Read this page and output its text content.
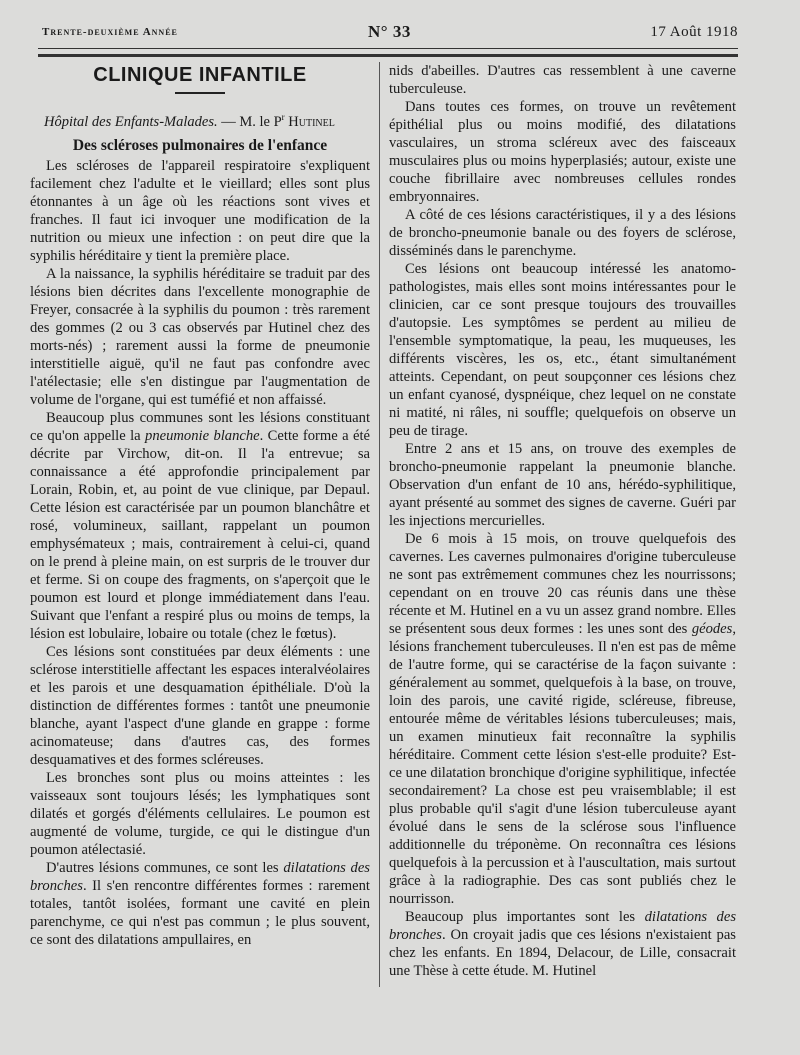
Trente-deuxième Année	N° 33	17 Août 1918
CLINIQUE INFANTILE
Hôpital des Enfants-Malades. — M. le $P^r$ Hutinel
Des scléroses pulmonaires de l'enfance

Les scléroses de l'appareil respiratoire s'expliquent facilement chez l'adulte et le vieillard; elles sont plus étonnantes à un âge où les réactions sont vives et franches. Il faut ici invoquer une modification de la nutrition ou mieux une infection : on peut dire que la syphilis héréditaire y tient la première place.

A la naissance, la syphilis héréditaire se traduit par des lésions bien décrites dans l'excellente monographie de Freyer, consacrée à la syphilis du poumon : très rarement des gommes (2 ou 3 cas observés par Hutinel chez des morts-nés) ; rarement aussi la forme de pneumonie interstitielle aiguë, qu'il ne faut pas confondre avec l'atélectasie; elle s'en distingue par l'augmentation de volume de l'organe, qui est tuméfié et non affaissé.

Beaucoup plus communes sont les lésions constituant ce qu'on appelle la pneumonie blanche. Cette forme a été décrite par Virchow, dit-on. Il l'a entrevue; sa connaissance a été approfondie principalement par Lorain, Robin, et, au point de vue clinique, par Depaul. Cette lésion est caractérisée par un poumon blanchâtre et rosé, volumineux, saillant, rappelant un poumon emphysémateux ; mais, contrairement à celui-ci, quand on le prend à pleine main, on est surpris de le trouver dur et ferme. Si on coupe des fragments, on s'aperçoit que le poumon est lourd et plonge immédiatement dans l'eau. Suivant que l'enfant a respiré plus ou moins de temps, la lésion est lobulaire, lobaire ou totale (chez le fœtus).

Ces lésions sont constituées par deux éléments : une sclérose interstitielle affectant les espaces interalvéolaires et les parois et une desquamation épithéliale. D'où la distinction de différentes formes : tantôt une pneumonie blanche, ayant l'aspect d'une glande en grappe : forme acinomateuse; dans d'autres cas, des formes desquamatives et des formes scléreuses.

Les bronches sont plus ou moins atteintes : les vaisseaux sont toujours lésés; les lymphatiques sont dilatés et gorgés d'éléments cellulaires. Le poumon est augmenté de volume, turgide, ce qui le distingue d'un poumon atélectasié.

D'autres lésions communes, ce sont les dilatations des bronches. Il s'en rencontre différentes formes : rarement totales, tantôt isolées, formant une cavité en plein parenchyme, ce qui n'est pas commun ; le plus souvent, ce sont des dilatations ampullaires, en

nids d'abeilles. D'autres cas ressemblent à une caverne tuberculeuse.

Dans toutes ces formes, on trouve un revêtement épithélial plus ou moins modifié, des dilatations vasculaires, un stroma scléreux avec des faisceaux musculaires plus ou moins hyperplasiés; autour, existe une couche fibrillaire avec nombreuses cellules rondes embryonnaires.

A côté de ces lésions caractéristiques, il y a des lésions de broncho-pneumonie banale ou des foyers de sclérose, disséminés dans le parenchyme.

Ces lésions ont beaucoup intéressé les anatomo-pathologistes, mais elles sont moins intéressantes pour le clinicien, car ce sont presque toujours des trouvailles d'autopsie. Les symptômes se perdent au milieu de l'ensemble symptomatique, la peau, les muqueuses, les différents viscères, les os, etc., étant simultanément atteints. Cependant, on peut soupçonner ces lésions chez un enfant cyanosé, dyspnéique, chez lequel on ne constate ni matité, ni râles, ni souffle; quelquefois on observe un peu de tirage.

Entre 2 ans et 15 ans, on trouve des exemples de broncho-pneumonie rappelant la pneumonie blanche. Observation d'un enfant de 10 ans, hérédo-syphilitique, ayant présenté au sommet des signes de caverne. Guéri par les injections mercurielles.

De 6 mois à 15 mois, on trouve quelquefois des cavernes. Les cavernes pulmonaires d'origine tuberculeuse ne sont pas extrêmement communes chez les nourrissons; cependant on en trouve 20 cas réunis dans une thèse récente et M. Hutinel en a vu un assez grand nombre. Elles se présentent sous deux formes : les unes sont des géodes, lésions franchement tuberculeuses. Il n'en est pas de même de l'autre forme, qui se caractérise de la façon suivante : généralement au sommet, quelquefois à la base, on trouve, loin des parois, une cavité rigide, scléreuse, fibreuse, entourée même de véritables lésions tuberculeuses; mais, un examen minutieux fait reconnaître la syphilis héréditaire. Comment cette lésion s'est-elle produite? Est-ce une dilatation bronchique d'origine syphilitique, infectée secondairement? La chose est peu vraisemblable; il est plus probable qu'il s'agit d'une lésion tuberculeuse ayant évolué dans le sens de la sclérose sous l'influence additionnelle du tréponème. On reconnaîtra ces lésions quelquefois à la percussion et à l'auscultation, mais surtout grâce à la radiographie. Des cas sont publiés chez le nourrisson.

Beaucoup plus importantes sont les dilatations des bronches. On croyait jadis que ces lésions n'existaient pas chez les enfants. En 1894, Delacour, de Lille, consacrait une Thèse à cette étude. M. Hutinel
